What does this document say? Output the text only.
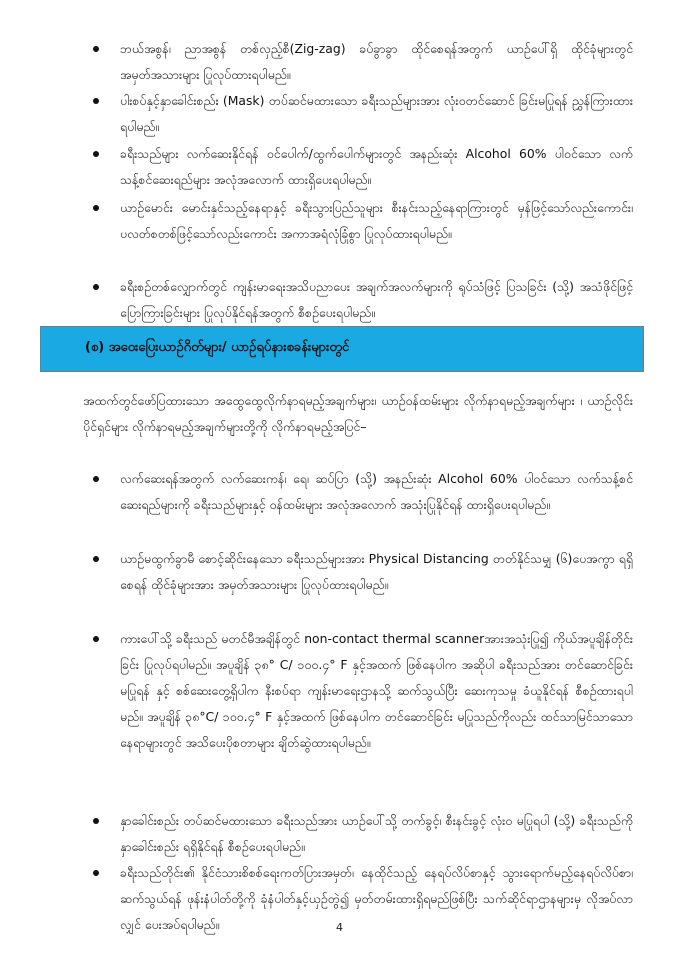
ဘယ်အစွန်၊ ညာအစွန် တစ်လှည့်စီ(Zig-zag) ခပ်ခွာခွာ ထိုင်စေရန်အတွက် ယာဉ်ပေါ်ရှိ ထိုင်ခုံများတွင် အမှတ်အသားများ ပြုလုပ်ထားရပါမည်။
ပါးစပ်နှင့်နှာခေါင်းစည်း (Mask) တပ်ဆင်မထားသော ခရီးသည်များအား လုံးဝတင်ဆောင် ခြင်းမပြုရန် ညွှန်ကြားထားရပါမည်။
ခရီးသည်များ လက်ဆေးနိုင်ရန် ဝင်ပေါက်/ထွက်ပေါက်များတွင် အနည်းဆုံး Alcohol 60% ပါဝင်သော လက်သန့်စင်ဆေးရည်များ အလုံအလောက် ထားရှိပေးရပါမည်။
ယာဉ်မောင်း မောင်းနှင်သည့်နေရာနှင့် ခရီးသွားပြည်သူများ စီးနင်းသည့်နေရာကြားတွင် မှန်ဖြင့်သော်လည်းကောင်း၊ ပလတ်စတစ်ဖြင့်သော်လည်းကောင်း အကာအရံလုံခြုံစွာ ပြုလုပ်ထားရပါမည်။
ခရီးစဉ်တစ်လျှောက်တွင် ကျန်းမာရေးအသိပညာပေး အချက်အလက်များကို ရုပ်သံဖြင့် ပြသခြင်း (သို့) အသံဖိုင်ဖြင့် ပြောကြားခြင်းများ ပြုလုပ်နိုင်ရန်အတွက် စီစဉ်ပေးရပါမည်။
(စ) အဝေးပြေးယာဉ်ဂိတ်များ/ ယာဉ်ရပ်နားစခန်းများတွင်

အထက်တွင်ဖော်ပြထားသော အထွေထွေလိုက်နာရမည့်အချက်များ၊ ယာဉ်ဝန်ထမ်းများ လိုက်နာရမည့်အချက်များ ၊ ယာဉ်လိုင်းပိုင်ရှင်များ လိုက်နာရမည့်အချက်များတို့ကို လိုက်နာရမည့်အပြင်–

လက်ဆေးရန်အတွက် လက်ဆေးကန်၊ ရေ၊ ဆပ်ပြာ (သို့) အနည်းဆုံး Alcohol 60% ပါဝင်သော လက်သန့်စင်ဆေးရည်များကို ခရီးသည်များနှင့် ဝန်ထမ်းများ အလုံအလောက် အသုံးပြုနိုင်ရန် ထားရှိပေးရပါမည်။
ယာဉ်မထွက်ခွာမီ စောင့်ဆိုင်းနေသော ခရီးသည်များအား Physical Distancing တတ်နိုင်သမျှ (၆)ပေအကွာ ရရှိစေရန် ထိုင်ခုံများအား အမှတ်အသားများ ပြုလုပ်ထားရပါမည်။
ကားပေါ်သို့ ခရီးသည် မတင်မီအချိန်တွင် non-contact thermal scannerအားအသုံးပြု၍ ကိုယ်အပူချိန်တိုင်းခြင်း ပြုလုပ်ရပါမည်။ အပူချိန် ၃၈° C/ ၁၀၀.၄° F နှင့်အထက် ဖြစ်နေပါက အဆိုပါ ခရီးသည်အား တင်ဆောင်ခြင်း မပြုရန် နှင့် စစ်ဆေးတွေ့ရှိပါက နီးစပ်ရာ ကျန်းမာရေးဌာနသို့ ဆက်သွယ်ပြီး ဆေးကုသမှု ခံယူနိုင်ရန် စီစဉ်ထားရပါမည်။ အပူချိန် ၃၈°C/ ၁၀၀.၄° F နှင့်အထက် ဖြစ်နေပါက တင်ဆောင်ခြင်း မပြုသည်ကိုလည်း ထင်သာမြင်သာသော နေရာများတွင် အသိပေးပိုစတာများ ချိတ်ဆွဲထားရပါမည်။
နှာခေါင်းစည်း တပ်ဆင်မထားသော ခရီးသည်အား ယာဉ်ပေါ်သို့ တက်ခွင့်၊ စီးနင်းခွင့် လုံးဝ မပြုရပါ (သို့) ခရီးသည်ကို နှာခေါင်းစည်း ရရှိနိုင်ရန် စီစဉ်ပေးရပါမည်။
ခရီးသည်တိုင်း၏ နိုင်ငံသားစိစစ်ရေးကတ်ပြားအမှတ်၊ နေထိုင်သည့် နေရပ်လိပ်စာနှင့် သွားရောက်မည့်နေရပ်လိပ်စာ၊ ဆက်သွယ်ရန် ဖုန်းနံပါတ်တို့ကို ခုံနံပါတ်နှင့်ယှဉ်တွဲ၍ မှတ်တမ်းထားရှိရမည်ဖြစ်ပြီး သက်ဆိုင်ရာဌာနများမှ လိုအပ်လာလျှင် ပေးအပ်ရပါမည်။	4
